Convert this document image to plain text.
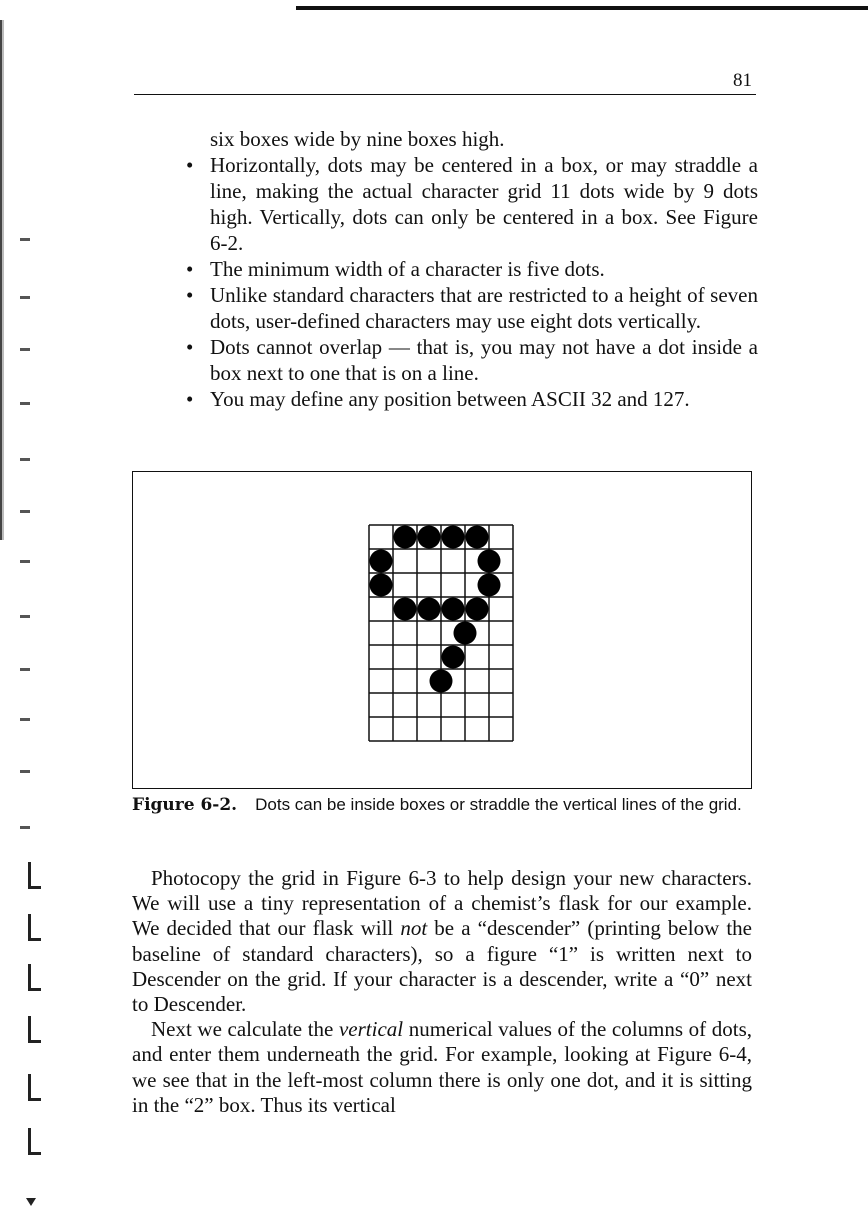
81

six boxes wide by nine boxes high.

• Horizontally, dots may be centered in a box, or may straddle a line, making the actual character grid 11 dots wide by 9 dots high. Vertically, dots can only be centered in a box. See Figure 6-2.
• The minimum width of a character is five dots.
• Unlike standard characters that are restricted to a height of seven dots, user-defined characters may use eight dots vertically.
• Dots cannot overlap — that is, you may not have a dot inside a box next to one that is on a line.
• You may define any position between ASCII 32 and 127.
Figure 6-2. Dots can be inside boxes or straddle the vertical lines of the grid.

Photocopy the grid in Figure 6-3 to help design your new characters. We will use a tiny representation of a chemist’s flask for our example. We decided that our flask will not be a “descender” (printing below the baseline of standard characters), so a figure “1” is written next to Descender on the grid. If your character is a descender, write a “0” next to Descender.

Next we calculate the vertical numerical values of the columns of dots, and enter them underneath the grid. For example, looking at Figure 6-4, we see that in the left-most column there is only one dot, and it is sitting in the “2” box. Thus its vertical
